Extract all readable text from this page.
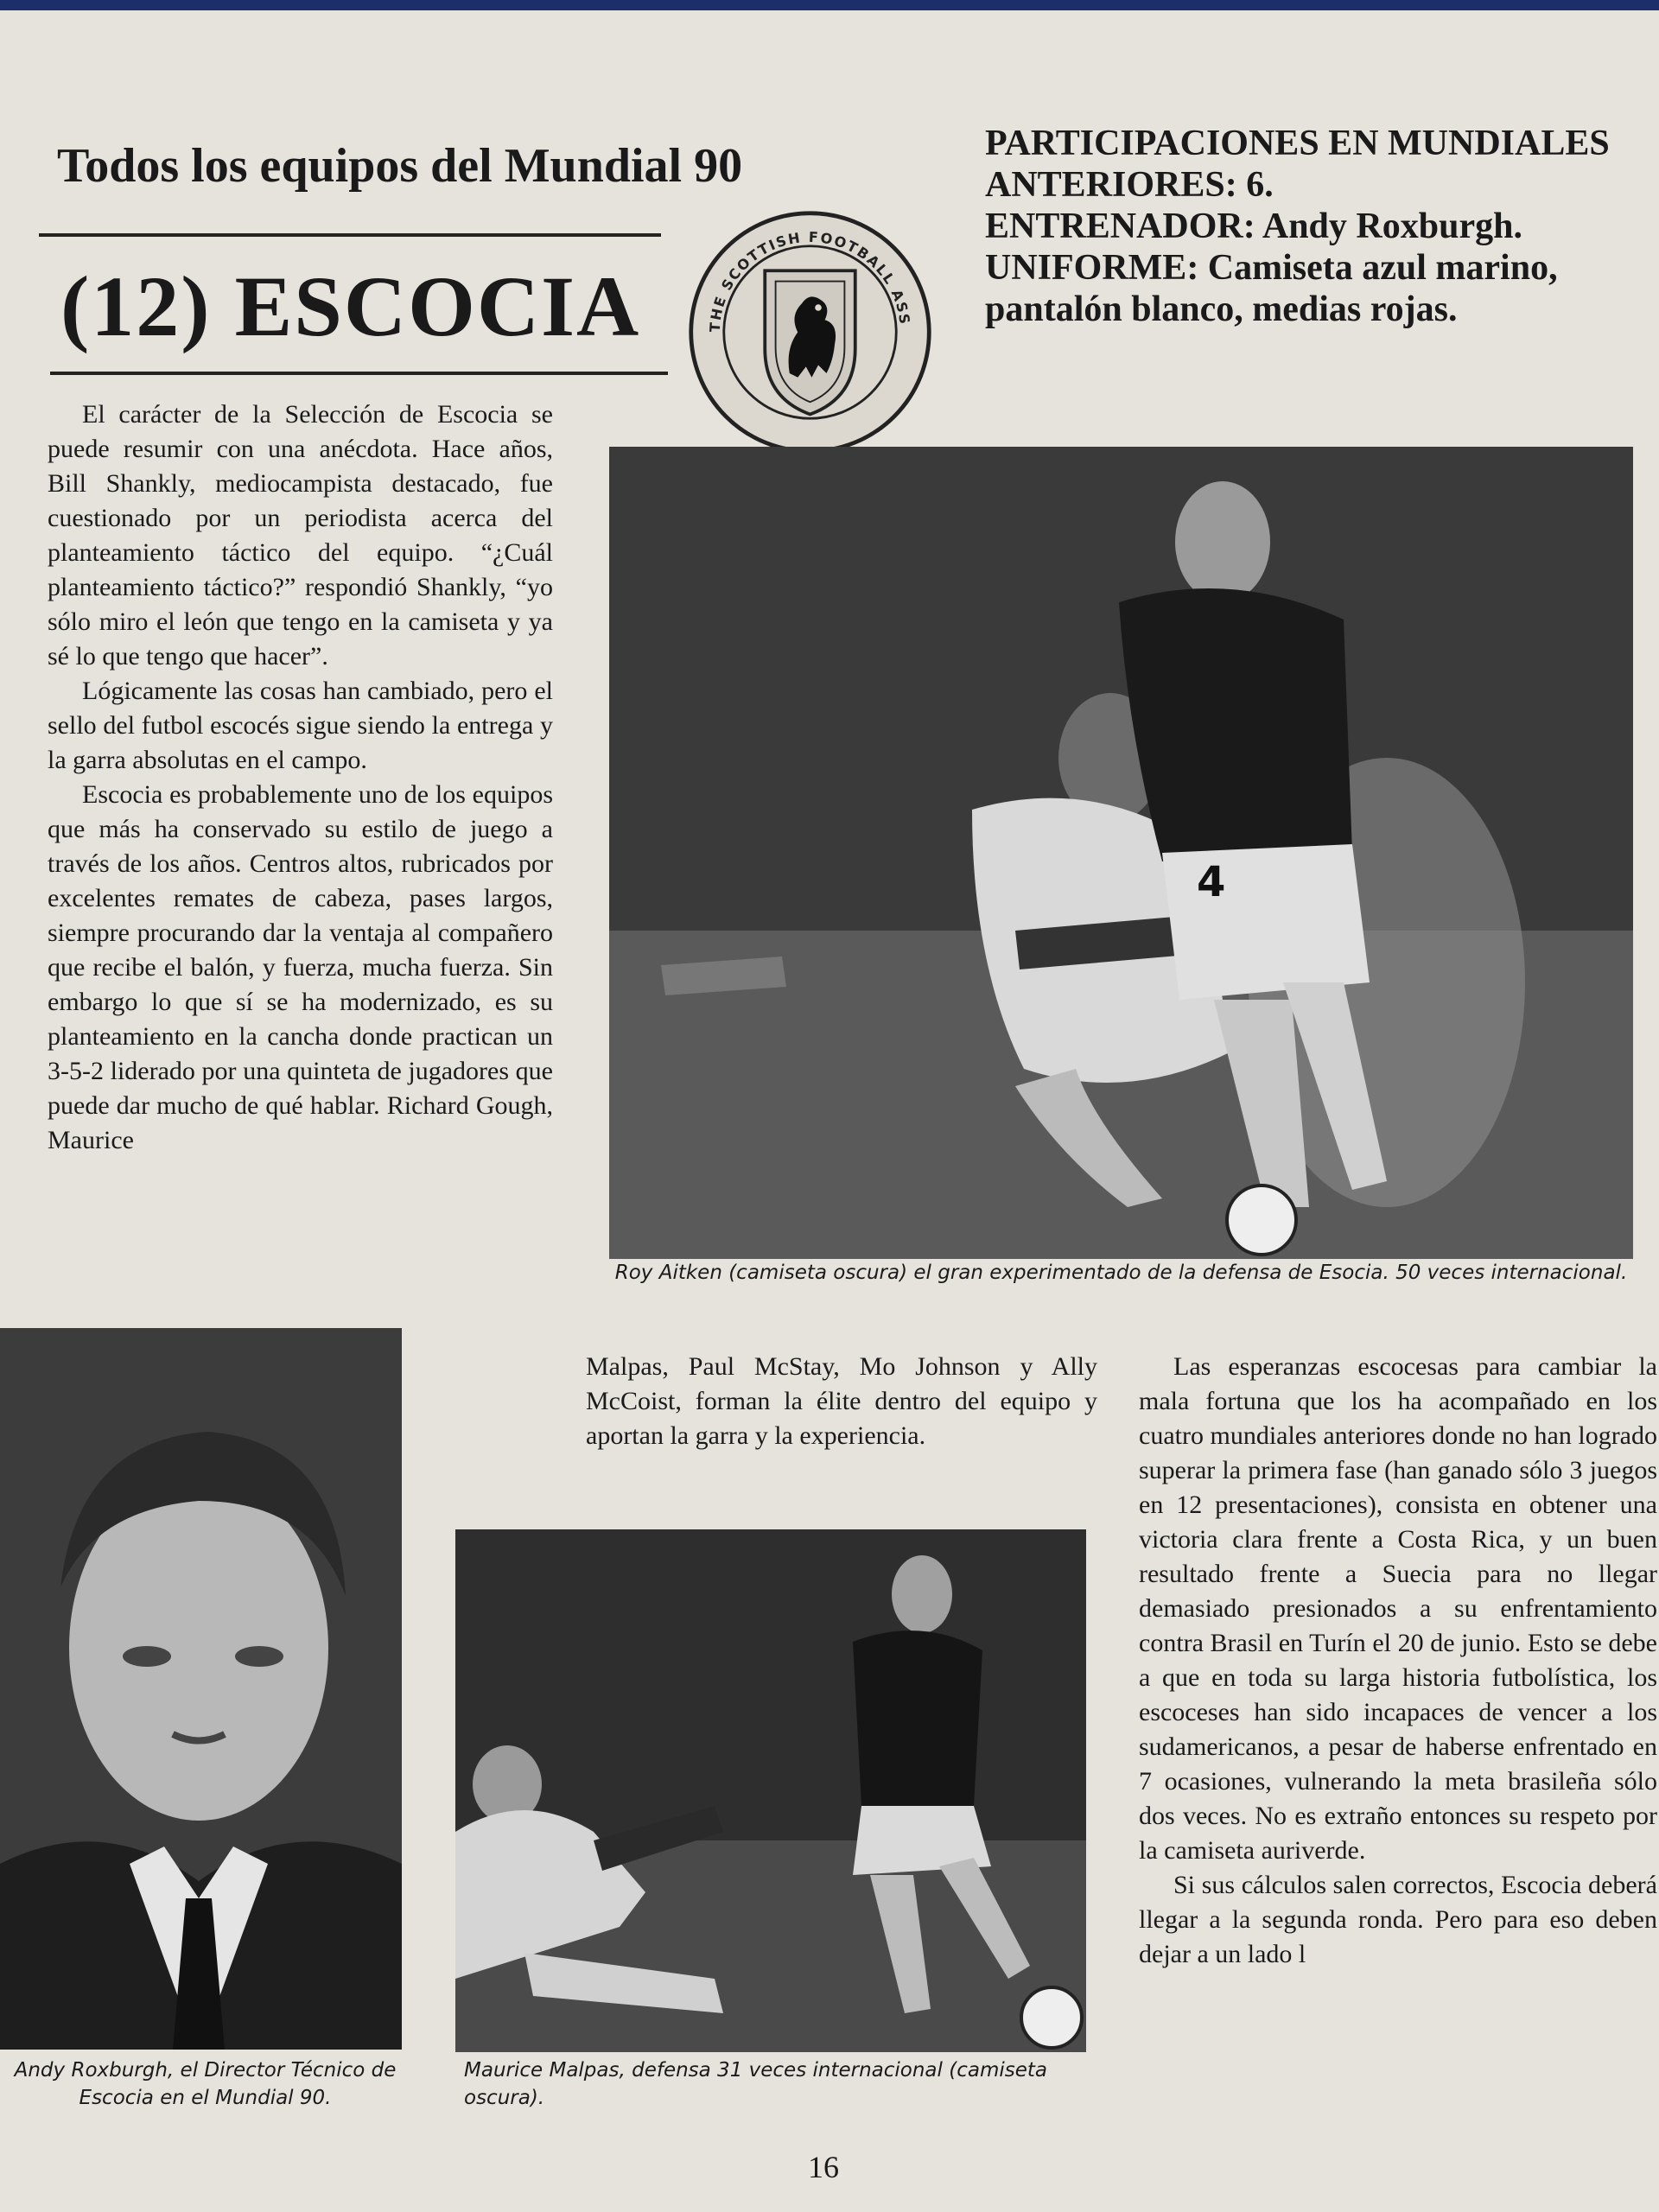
Todos los equipos del Mundial 90
(12) ESCOCIA	THE SCOTTISH FOOTBALL ASS

PARTICIPACIONES EN MUNDIALES ANTERIORES: 6.

ENTRENADOR: Andy Roxburgh.

UNIFORME: Camiseta azul marino, pantalón blanco, medias rojas.

El carácter de la Selección de Escocia se puede resumir con una anécdota. Hace años, Bill Shankly, mediocampista destacado, fue cuestionado por un periodista acerca del planteamiento táctico del equipo. “¿Cuál planteamiento táctico?” respondió Shankly, “yo sólo miro el león que tengo en la camiseta y ya sé lo que tengo que hacer”.

Lógicamente las cosas han cambiado, pero el sello del futbol escocés sigue siendo la entrega y la garra absolutas en el campo.

Escocia es probablemente uno de los equipos que más ha conservado su estilo de juego a través de los años. Centros altos, rubricados por excelentes remates de cabeza, pases largos, siempre procurando dar la ventaja al compañero que recibe el balón, y fuerza, mucha fuerza. Sin embargo lo que sí se ha modernizado, es su planteamiento en la cancha donde practican un 3-5-2 liderado por una quinteta de jugadores que puede dar mucho de qué hablar. Richard Gough, Maurice

4
Roy Aitken (camiseta oscura) el gran experimentado de la defensa de Esocia. 50 veces internacional.
Andy Roxburgh, el Director Técnico de Escocia en el Mundial 90.

Malpas, Paul McStay, Mo Johnson y Ally McCoist, forman la élite dentro del equipo y aportan la garra y la experiencia.

Maurice Malpas, defensa 31 veces internacional (camiseta oscura).

Las esperanzas escocesas para cambiar la mala fortuna que los ha acompañado en los cuatro mundiales anteriores donde no han logrado superar la primera fase (han ganado sólo 3 juegos en 12 presentaciones), consista en obtener una victoria clara frente a Costa Rica, y un buen resultado frente a Suecia para no llegar demasiado presionados a su enfrentamiento contra Brasil en Turín el 20 de junio. Esto se debe a que en toda su larga historia futbolística, los escoceses han sido incapaces de vencer a los sudamericanos, a pesar de haberse enfrentado en 7 ocasiones, vulnerando la meta brasileña sólo dos veces. No es extraño entonces su respeto por la camiseta auriverde.

Si sus cálculos salen correctos, Escocia deberá llegar a la segunda ronda. Pero para eso deben dejar a un lado l

16
